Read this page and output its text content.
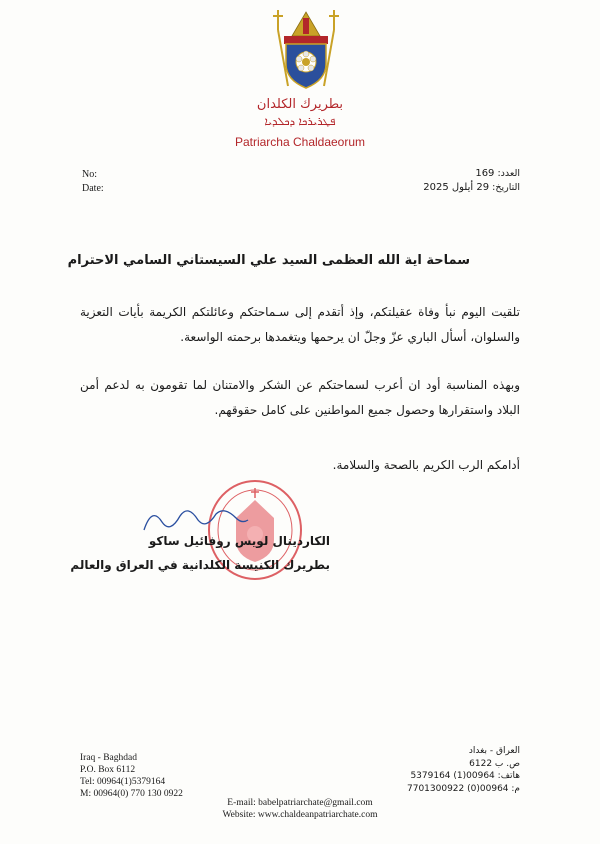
بطريرك الكلدان
ܦܛܪܝܪܟܐ ܕܟܠܕܝܐ
Patriarcha Chaldaeorum
No:
Date:
العدد: 169
التاريخ: 29 أيلول 2025
سماحة اية الله العظمى السيد علي السيستاني السامي الاحترام
تلقيت اليوم نبأ وفاة عقيلتكم، وإذ أتقدم إلى سـماحتكم وعائلتكم الكريمة بأيات التعزية والسلوان، أسأل الباري عزّ وجلّ ان يرحمها ويتغمدها برحمته الواسعة.
وبهذه المناسبة أود ان أعرب لسماحتكم عن الشكر والامتنان لما تقومون به لدعم أمن البلاد واستقرارها وحصول جميع المواطنين على كامل حقوقهم.
أدامكم الرب الكريم بالصحة والسلامة.
الكاردينال لويس روفائيل ساكو
بطريرك الكنيسة الكلدانية في العراق والعالم
Iraq - Baghdad
P.O. Box 6112
Tel: 00964(1)5379164
M: 00964(0) 770 130 0922
العراق - بغداد
ص. ب 6122
هاتف: 00964(1) 5379164
م: 00964(0) 7701300922
E-mail: babelpatriarchate@gmail.com
Website: www.chaldeanpatriarchate.com
